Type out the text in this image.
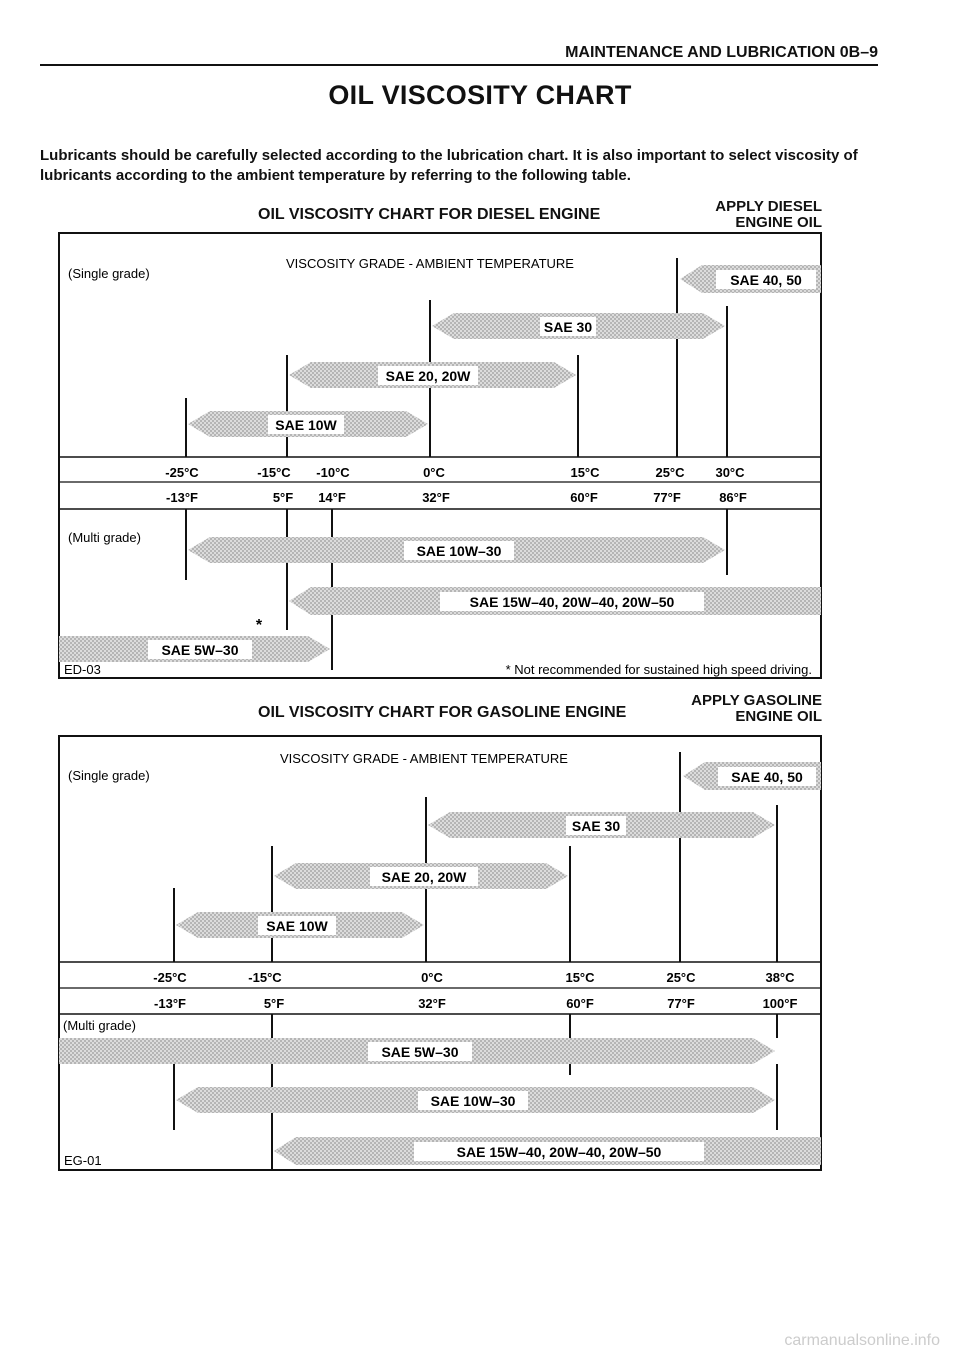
MAINTENANCE AND LUBRICATION 0B–9
OIL VISCOSITY CHART
Lubricants should be carefully selected according to the lubrication chart. It is also important to select viscosity of lubricants according to the ambient temperature by referring to the following table.
OIL VISCOSITY CHART FOR DIESEL ENGINE	APPLY DIESEL
ENGINE OIL
VISCOSITY GRADE - AMBIENT TEMPERATURE
(Single grade)
(Multi grade)
ED-03	* Not recommended for sustained high speed driving.
*
-25°C	-15°C -10°C	0°C	15°C	25°C 30°C
-13°F	5°F 14°F	32°F	60°F	77°F	86°F
SAE 40, 50
SAE 30
SAE 20, 20W
SAE 10W
SAE 10W–30
SAE 15W–40, 20W–40, 20W–50
SAE 5W–30
OIL VISCOSITY CHART FOR GASOLINE ENGINE
APPLY GASOLINE
ENGINE OIL
VISCOSITY GRADE - AMBIENT TEMPERATURE
(Single grade)
(Multi grade)
EG-01
-25°C	-15°C	0°C	15°C	25°C	38°C
-13°F	5°F	32°F	60°F	77°F	100°F
SAE 40, 50
SAE 30
SAE 20, 20W
SAE 10W
SAE 5W–30
SAE 10W–30
SAE 15W–40, 20W–40, 20W–50
carmanualsonline.info
